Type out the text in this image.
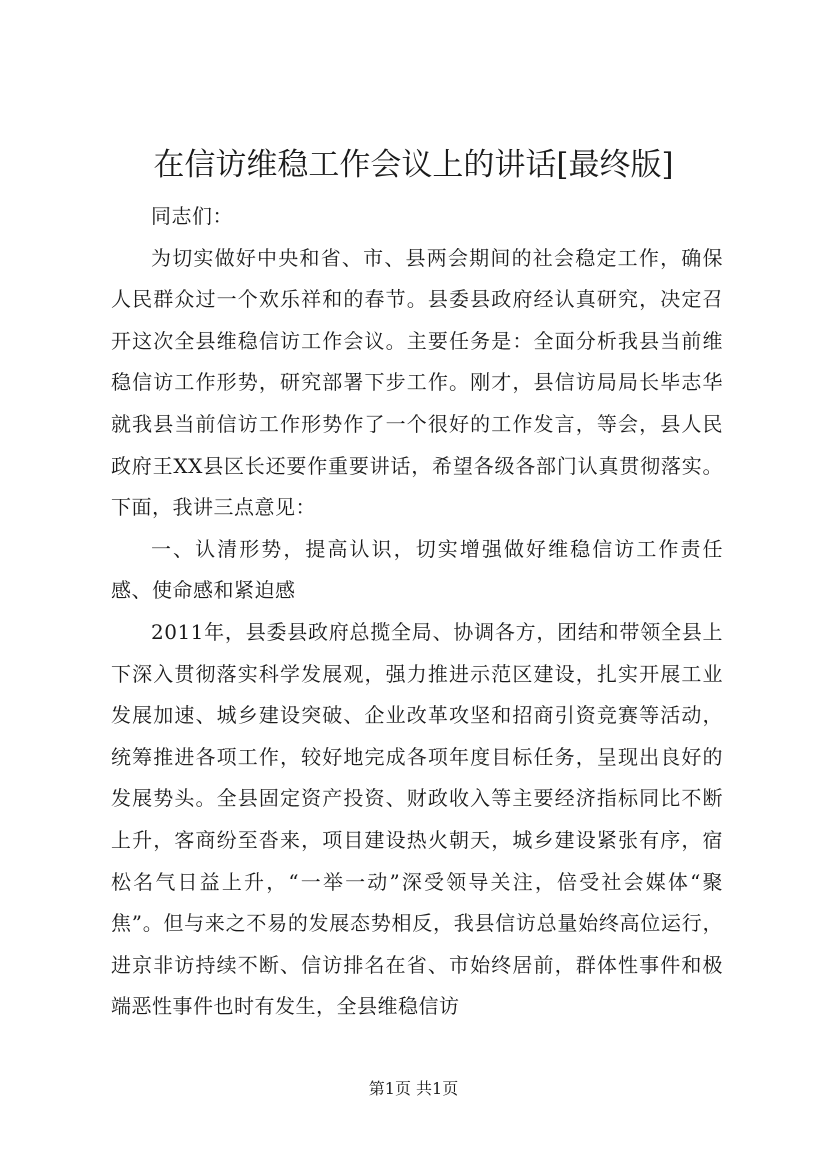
在信访维稳工作会议上的讲话[最终版]

同志们：

为切实做好中央和省、市、县两会期间的社会稳定工作，确保人民群众过一个欢乐祥和的春节。县委县政府经认真研究，决定召开这次全县维稳信访工作会议。主要任务是：全面分析我县当前维稳信访工作形势，研究部署下步工作。刚才，县信访局局长毕志华就我县当前信访工作形势作了一个很好的工作发言，等会，县人民政府王XX县区长还要作重要讲话，希望各级各部门认真贯彻落实。下面，我讲三点意见：

一、认清形势，提高认识，切实增强做好维稳信访工作责任感、使命感和紧迫感

2011年，县委县政府总揽全局、协调各方，团结和带领全县上下深入贯彻落实科学发展观，强力推进示范区建设，扎实开展工业发展加速、城乡建设突破、企业改革攻坚和招商引资竞赛等活动，统筹推进各项工作，较好地完成各项年度目标任务，呈现出良好的发展势头。全县固定资产投资、财政收入等主要经济指标同比不断上升，客商纷至沓来，项目建设热火朝天，城乡建设紧张有序，宿松名气日益上升，“一举一动”深受领导关注，倍受社会媒体“聚焦”。但与来之不易的发展态势相反，我县信访总量始终高位运行，进京非访持续不断、信访排名在省、市始终居前，群体性事件和极端恶性事件也时有发生，全县维稳信访

第1页 共1页
